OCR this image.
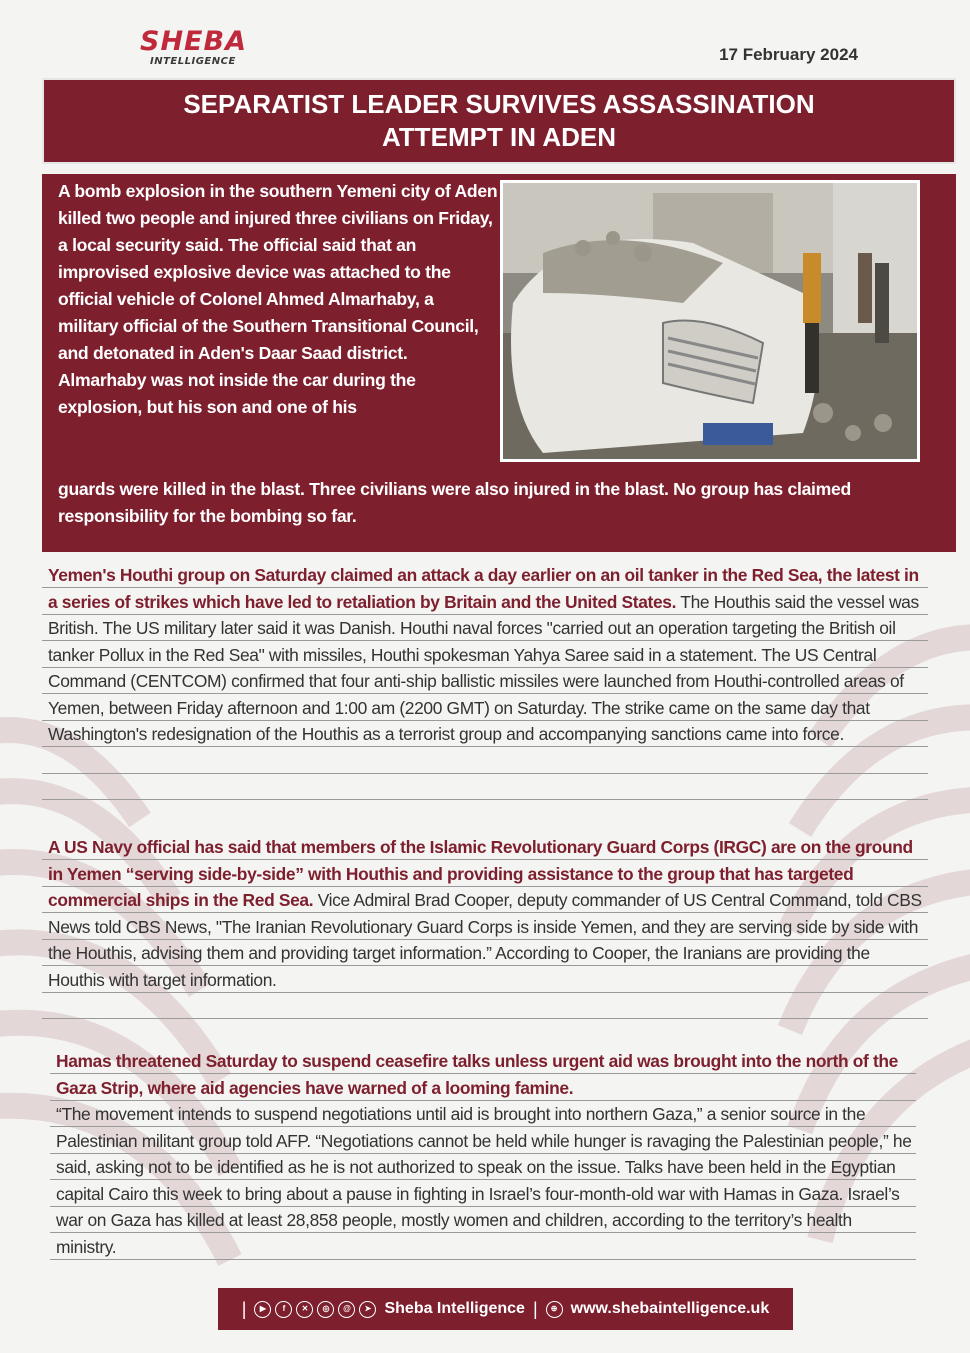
SHEBA
INTELLIGENCE	17 February 2024
SEPARATIST LEADER SURVIVES ASSASSINATION ATTEMPT IN ADEN
A bomb explosion in the southern Yemeni city of Aden killed two people and injured three civilians on Friday, a local security said. The official said that an improvised explosive device was attached to the official vehicle of Colonel Ahmed Almarhaby, a military official of the Southern Transitional Council, and detonated in Aden's Daar Saad district. Almarhaby was not inside the car during the explosion, but his son and one of his
guards were killed in the blast. Three civilians were also injured in the blast. No group has claimed responsibility for the bombing so far.
Yemen's Houthi group on Saturday claimed an attack a day earlier on an oil tanker in the Red Sea, the latest in a series of strikes which have led to retaliation by Britain and the United States. The Houthis said the vessel was British. The US military later said it was Danish. Houthi naval forces "carried out an operation targeting the British oil tanker Pollux in the Red Sea" with missiles, Houthi spokesman Yahya Saree said in a statement. The US Central Command (CENTCOM) confirmed that four anti-ship ballistic missiles were launched from Houthi-controlled areas of Yemen, between Friday afternoon and 1:00 am (2200 GMT) on Saturday. The strike came on the same day that Washington's redesignation of the Houthis as a terrorist group and accompanying sanctions came into force.
A US Navy official has said that members of the Islamic Revolutionary Guard Corps (IRGC) are on the ground in Yemen “serving side-by-side” with Houthis and providing assistance to the group that has targeted commercial ships in the Red Sea. Vice Admiral Brad Cooper, deputy commander of US Central Command, told CBS News told CBS News, "The Iranian Revolutionary Guard Corps is inside Yemen, and they are serving side by side with the Houthis, advising them and providing target information.” According to Cooper, the Iranians are providing the Houthis with target information.
Hamas threatened Saturday to suspend ceasefire talks unless urgent aid was brought into the north of the Gaza Strip, where aid agencies have warned of a looming famine.
“The movement intends to suspend negotiations until aid is brought into northern Gaza,” a senior source in the Palestinian militant group told AFP. “Negotiations cannot be held while hunger is ravaging the Palestinian people,” he said, asking not to be identified as he is not authorized to speak on the issue. Talks have been held in the Egyptian capital Cairo this week to bring about a pause in fighting in Israel’s four-month-old war with Hamas in Gaza. Israel’s war on Gaza has killed at least 28,858 people, mostly women and children, according to the territory’s health ministry.
|	▶	f	✕	◎	@	➤ Sheba Intelligence |	⊕ www.shebaintelligence.uk
